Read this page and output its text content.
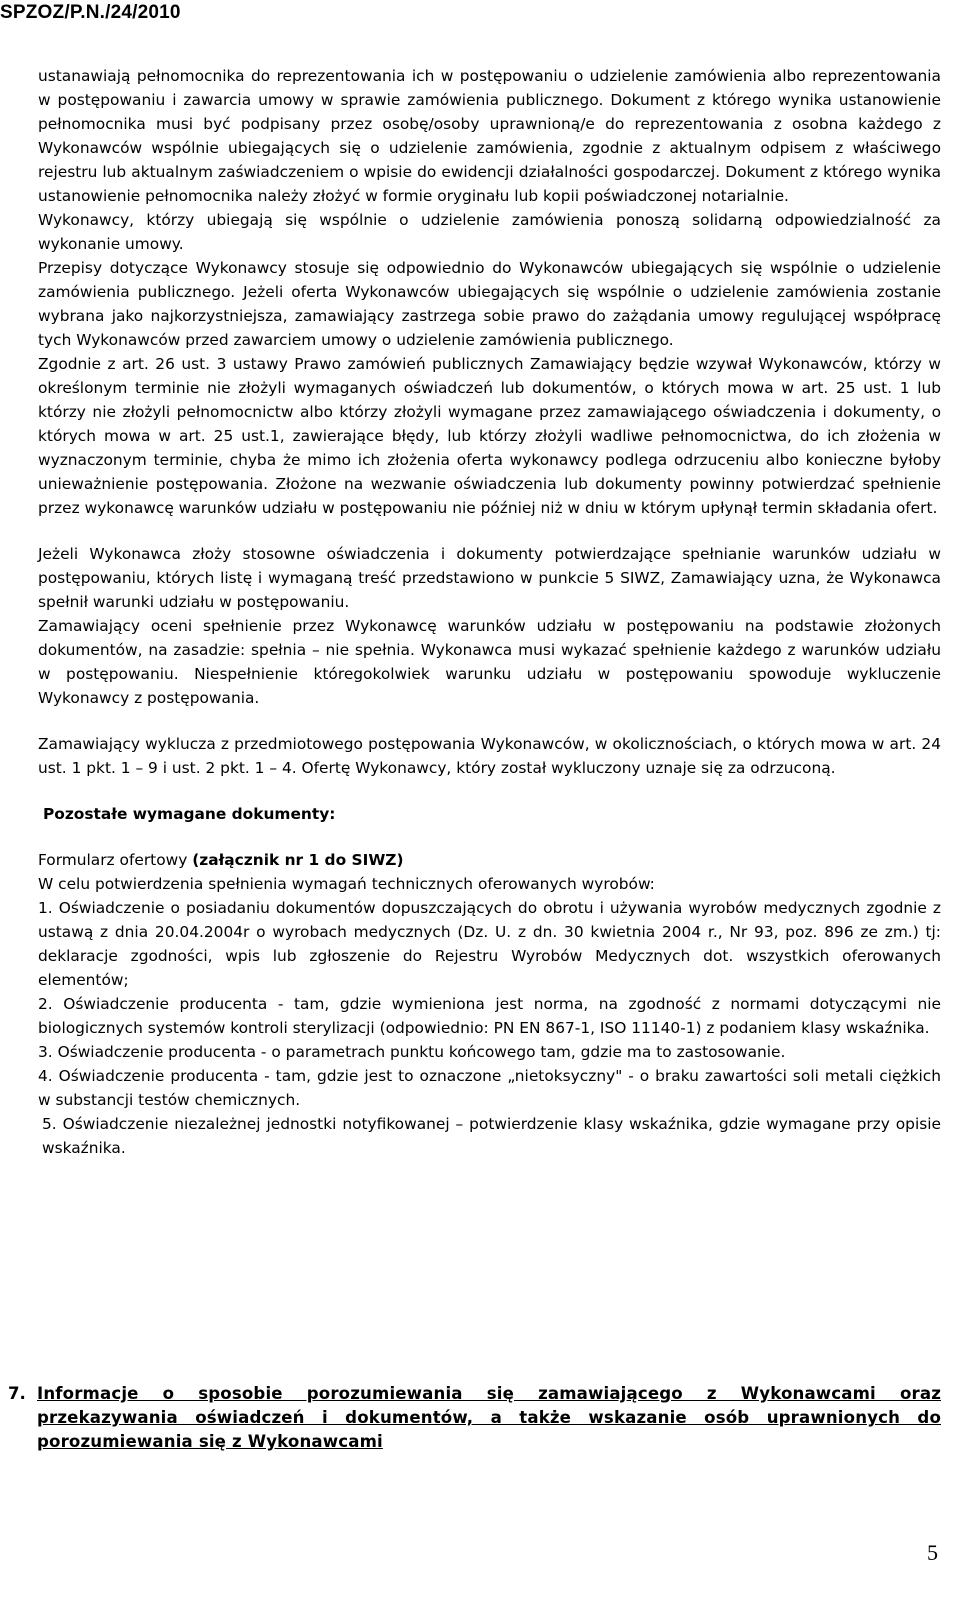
SPZOZ/P.N./24/2010

ustanawiają pełnomocnika do reprezentowania ich w postępowaniu o udzielenie zamówienia albo reprezentowania w postępowaniu i zawarcia umowy w sprawie zamówienia publicznego. Dokument z którego wynika ustanowienie pełnomocnika musi być podpisany przez osobę/osoby uprawnioną/e do reprezentowania z osobna każdego z Wykonawców wspólnie ubiegających się o udzielenie zamówienia, zgodnie z aktualnym odpisem z właściwego rejestru lub aktualnym zaświadczeniem o wpisie do ewidencji działalności gospodarczej. Dokument z którego wynika ustanowienie pełnomocnika należy złożyć w formie oryginału lub kopii poświadczonej notarialnie.

Wykonawcy, którzy ubiegają się wspólnie o udzielenie zamówienia ponoszą solidarną odpowiedzialność za wykonanie umowy.

Przepisy dotyczące Wykonawcy stosuje się odpowiednio do Wykonawców ubiegających się wspólnie o udzielenie zamówienia publicznego. Jeżeli oferta Wykonawców ubiegających się wspólnie o udzielenie zamówienia zostanie wybrana jako najkorzystniejsza, zamawiający zastrzega sobie prawo do zażądania umowy regulującej współpracę tych Wykonawców przed zawarciem umowy o udzielenie zamówienia publicznego.

Zgodnie z art. 26 ust. 3 ustawy Prawo zamówień publicznych Zamawiający będzie wzywał Wykonawców, którzy w określonym terminie nie złożyli wymaganych oświadczeń lub dokumentów, o których mowa w art. 25 ust. 1 lub którzy nie złożyli pełnomocnictw albo którzy złożyli wymagane przez zamawiającego oświadczenia i dokumenty, o których mowa w art. 25 ust.1, zawierające błędy, lub którzy złożyli wadliwe pełnomocnictwa, do ich złożenia w wyznaczonym terminie, chyba że mimo ich złożenia oferta wykonawcy podlega odrzuceniu albo konieczne byłoby unieważnienie postępowania. Złożone na wezwanie oświadczenia lub dokumenty powinny potwierdzać spełnienie przez wykonawcę warunków udziału w postępowaniu nie później niż w dniu w którym upłynął termin składania ofert.

Jeżeli Wykonawca złoży stosowne oświadczenia i dokumenty potwierdzające spełnianie warunków udziału w postępowaniu, których listę i wymaganą treść przedstawiono w punkcie 5 SIWZ, Zamawiający uzna, że Wykonawca spełnił warunki udziału w postępowaniu.

Zamawiający oceni spełnienie przez Wykonawcę warunków udziału w postępowaniu na podstawie złożonych dokumentów, na zasadzie: spełnia – nie spełnia. Wykonawca musi wykazać spełnienie każdego z warunków udziału w postępowaniu. Niespełnienie któregokolwiek warunku udziału w postępowaniu spowoduje wykluczenie Wykonawcy z postępowania.

Zamawiający wyklucza z przedmiotowego postępowania Wykonawców, w okolicznościach, o których mowa w art. 24 ust. 1 pkt. 1 – 9 i ust. 2 pkt. 1 – 4. Ofertę Wykonawcy, który został wykluczony uznaje się za odrzuconą.

Pozostałe wymagane dokumenty:

Formularz ofertowy (załącznik nr 1 do SIWZ)

W celu potwierdzenia spełnienia wymagań technicznych oferowanych wyrobów:

1. Oświadczenie o posiadaniu dokumentów dopuszczających do obrotu i używania wyrobów medycznych zgodnie z ustawą z dnia 20.04.2004r o wyrobach medycznych (Dz. U. z dn. 30 kwietnia 2004 r., Nr 93, poz. 896 ze zm.) tj: deklaracje zgodności, wpis lub zgłoszenie do Rejestru Wyrobów Medycznych dot. wszystkich oferowanych elementów;

2. Oświadczenie producenta - tam, gdzie wymieniona jest norma, na zgodność z normami dotyczącymi nie biologicznych systemów kontroli sterylizacji (odpowiednio: PN EN 867-1, ISO 11140-1) z podaniem klasy wskaźnika.

3. Oświadczenie producenta - o parametrach punktu końcowego tam, gdzie ma to zastosowanie.

4. Oświadczenie producenta - tam, gdzie jest to oznaczone „nietoksyczny" - o braku zawartości soli metali ciężkich w substancji testów chemicznych.

5. Oświadczenie niezależnej jednostki notyfikowanej – potwierdzenie klasy wskaźnika, gdzie wymagane przy opisie wskaźnika.

7. Informacje o sposobie porozumiewania się zamawiającego z Wykonawcami oraz przekazywania oświadczeń i dokumentów, a także wskazanie osób uprawnionych do porozumiewania się z Wykonawcami
5
